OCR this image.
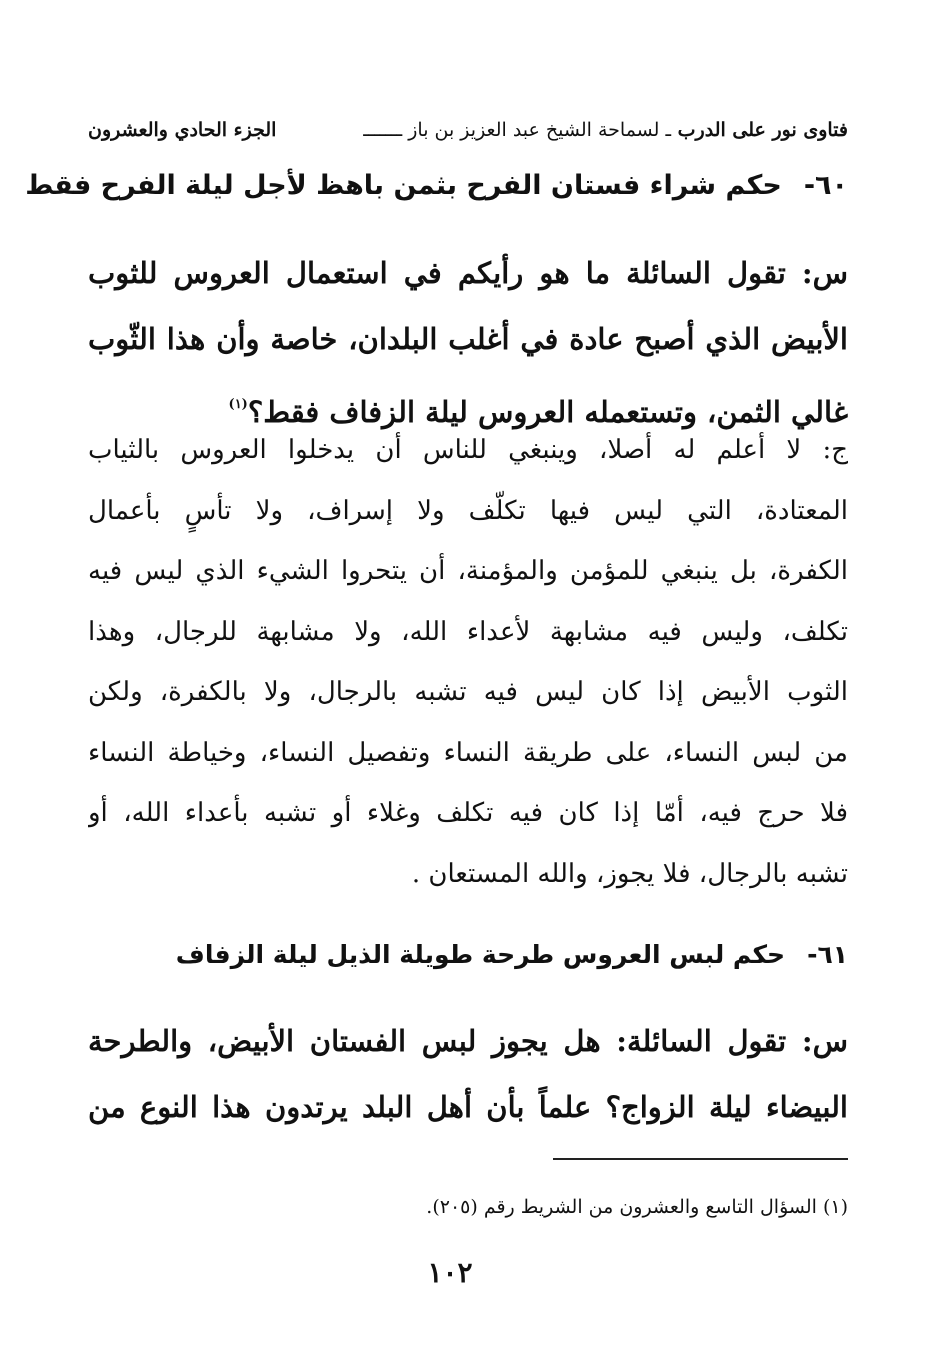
فتاوى نور على الدرب ـ لسماحة الشيخ عبد العزيز بن باز ـــــــ
الجزء الحادي والعشرون
٦٠-
حكم شراء فستان الفرح بثمن باهظ لأجل ليلة الفرح فقط
س: تقول السائلة ما هو رأيكم في استعمال العروس للثوب
الأبيض الذي أصبح عادة في أغلب البلدان، خاصة وأن هذا الثّوب
غالي الثمن، وتستعمله العروس ليلة الزفاف فقط؟$^{(١)}$
ج: لا أعلم له أصلا، وينبغي للناس أن يدخلوا العروس بالثياب
المعتادة، التي ليس فيها تكلّف ولا إسراف، ولا تأسٍ بأعمال
الكفرة، بل ينبغي للمؤمن والمؤمنة، أن يتحروا الشيء الذي ليس فيه
تكلف، وليس فيه مشابهة لأعداء الله، ولا مشابهة للرجال، وهذا
الثوب الأبيض إذا كان ليس فيه تشبه بالرجال، ولا بالكفرة، ولكن
من لبس النساء، على طريقة النساء وتفصيل النساء، وخياطة النساء
فلا حرج فيه، أمّا إذا كان فيه تكلف وغلاء أو تشبه بأعداء الله، أو
تشبه بالرجال، فلا يجوز، والله المستعان .
٦١-
حكم لبس العروس طرحة طويلة الذيل ليلة الزفاف
س: تقول السائلة: هل يجوز لبس الفستان الأبيض، والطرحة
البيضاء ليلة الزواج؟ علماً بأن أهل البلد يرتدون هذا النوع من
(١) السؤال التاسع والعشرون من الشريط رقم (٢٠٥).
١٠٢
